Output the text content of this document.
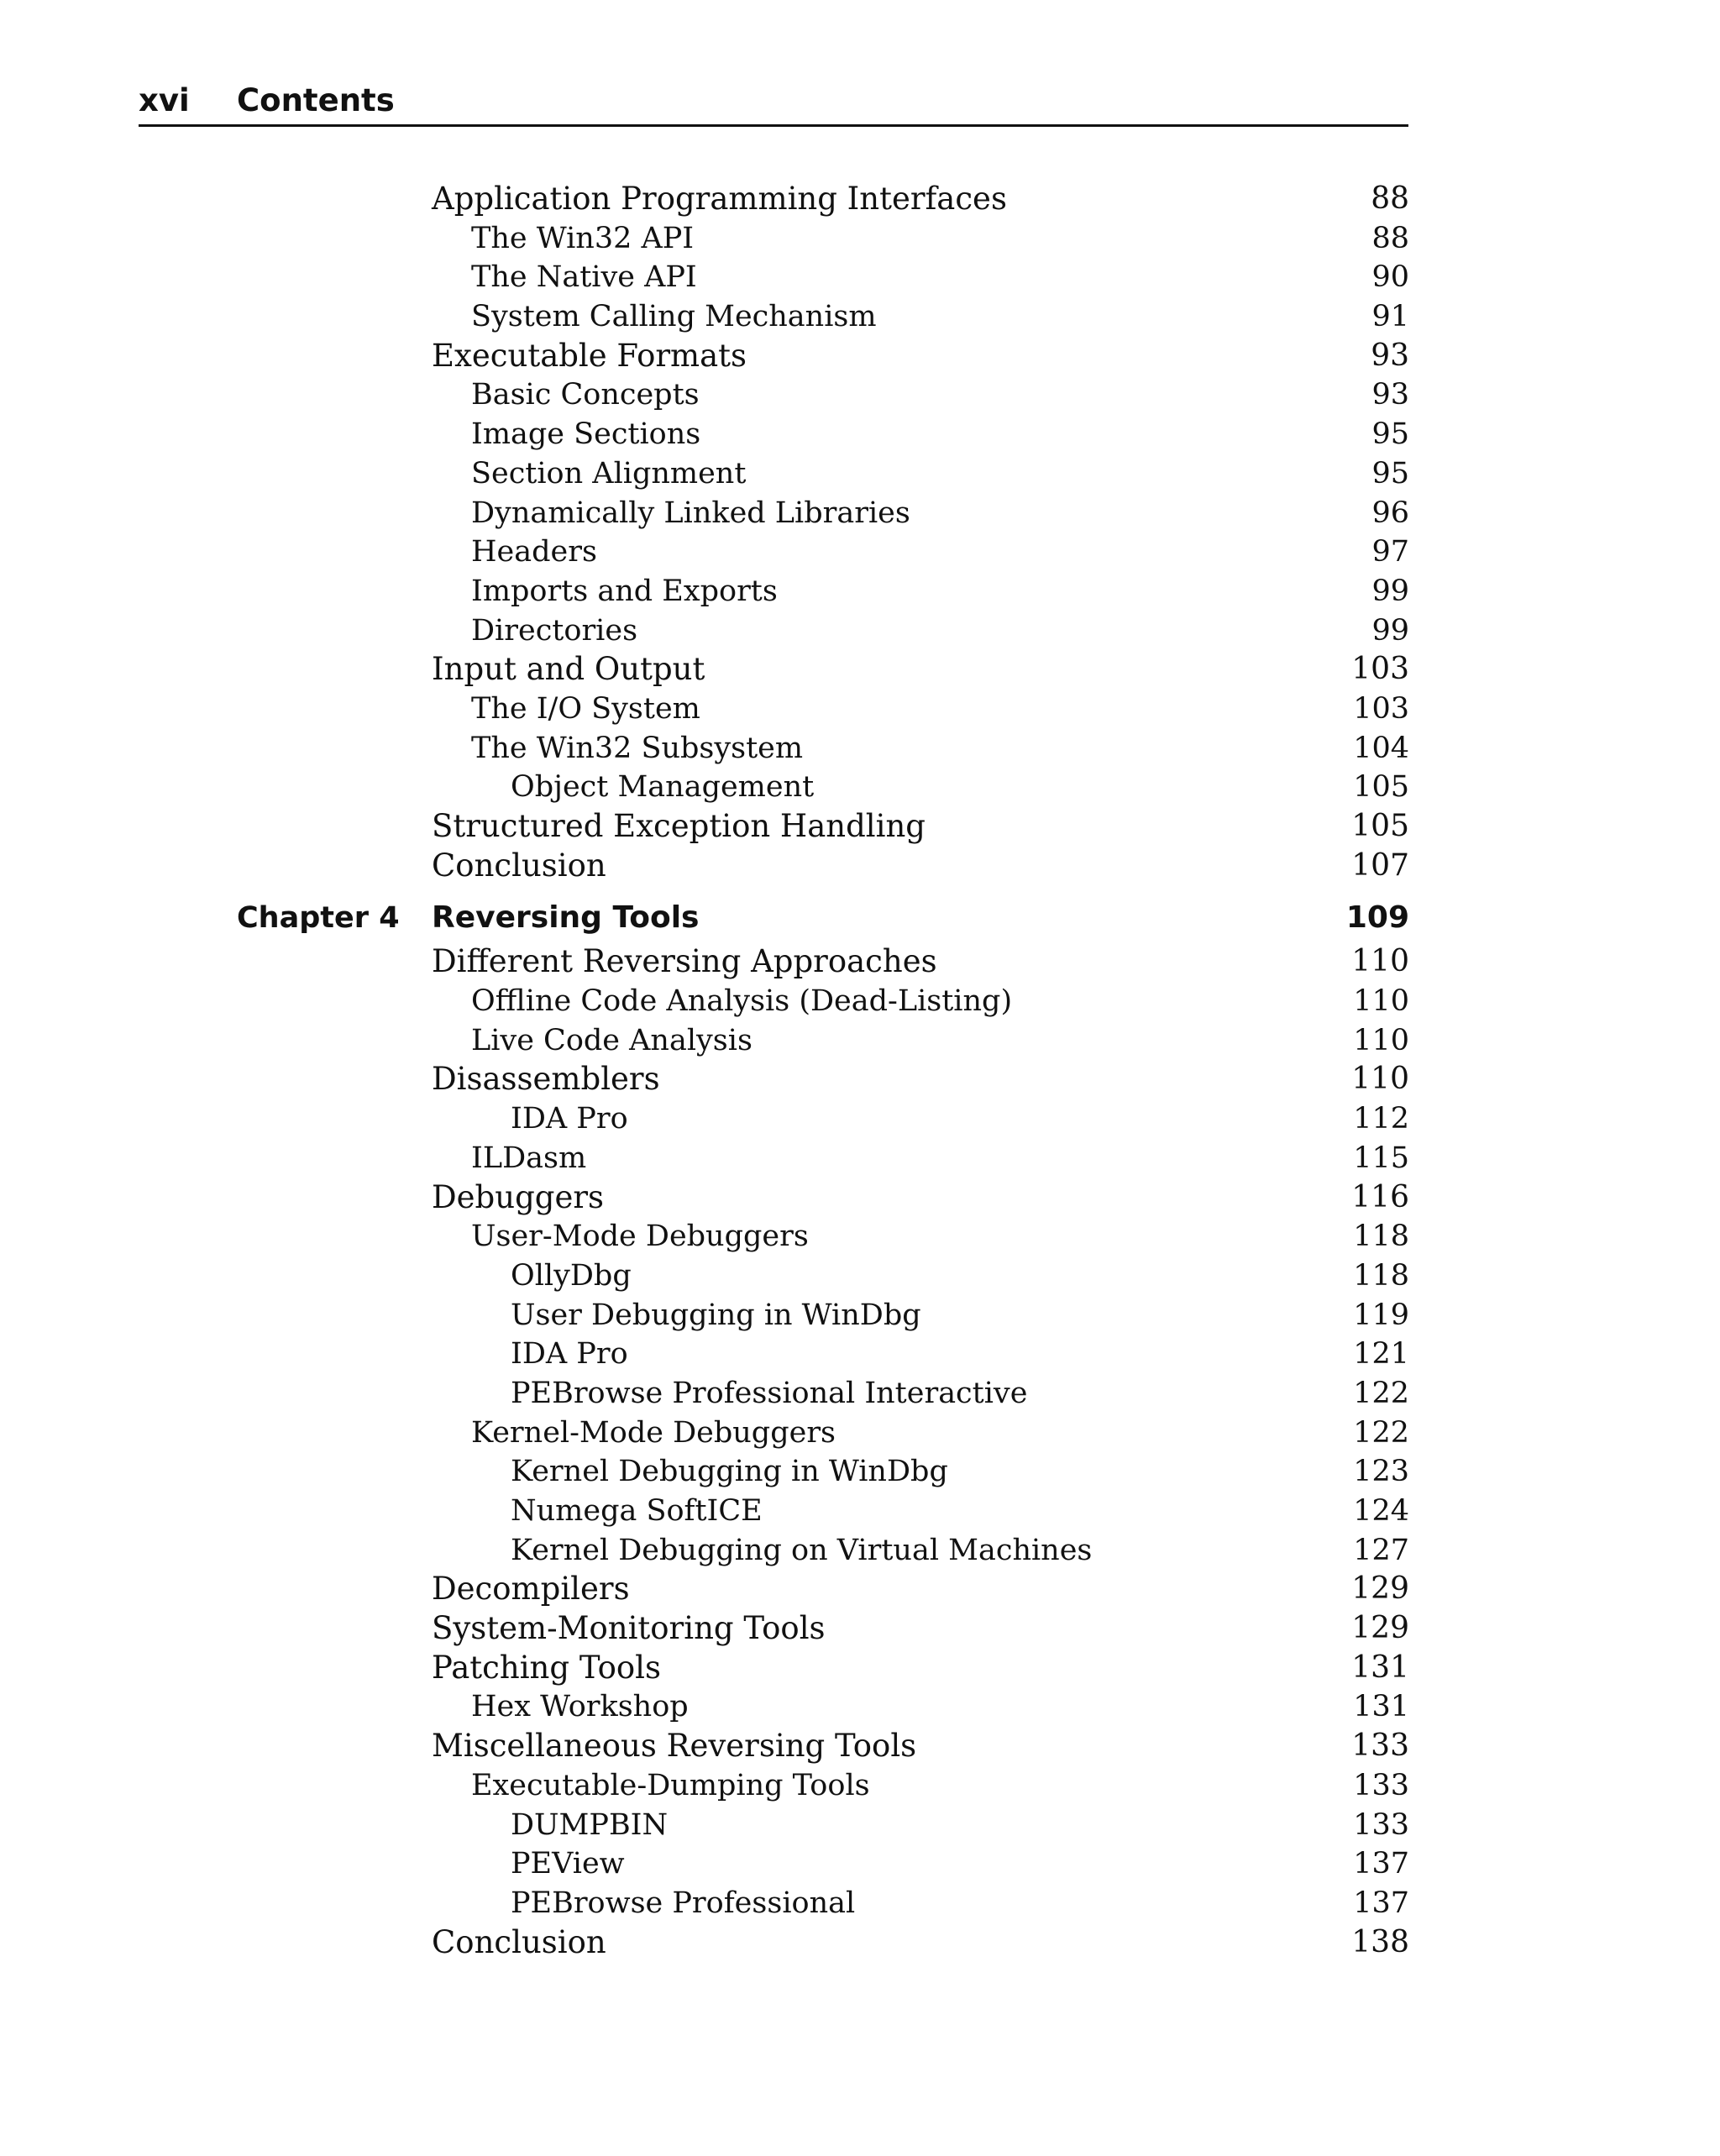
xvi Contents
Application Programming Interfaces	88
The Win32 API	88
The Native API	90
System Calling Mechanism	91
Executable Formats	93
Basic Concepts	93
Image Sections	95
Section Alignment	95
Dynamically Linked Libraries	96
Headers	97
Imports and Exports	99
Directories	99
Input and Output	103
The I/O System	103
The Win32 Subsystem	104
Object Management	105
Structured Exception Handling	105
Conclusion	107
Chapter 4 Reversing Tools	109
Different Reversing Approaches	110
Offline Code Analysis (Dead-Listing)	110
Live Code Analysis	110
Disassemblers	110
IDA Pro	112
ILDasm	115
Debuggers	116
User-Mode Debuggers	118
OllyDbg	118
User Debugging in WinDbg	119
IDA Pro	121
PEBrowse Professional Interactive	122
Kernel-Mode Debuggers	122
Kernel Debugging in WinDbg	123
Numega SoftICE	124
Kernel Debugging on Virtual Machines	127
Decompilers	129
System-Monitoring Tools	129
Patching Tools	131
Hex Workshop	131
Miscellaneous Reversing Tools	133
Executable-Dumping Tools	133
DUMPBIN	133
PEView	137
PEBrowse Professional	137
Conclusion	138
